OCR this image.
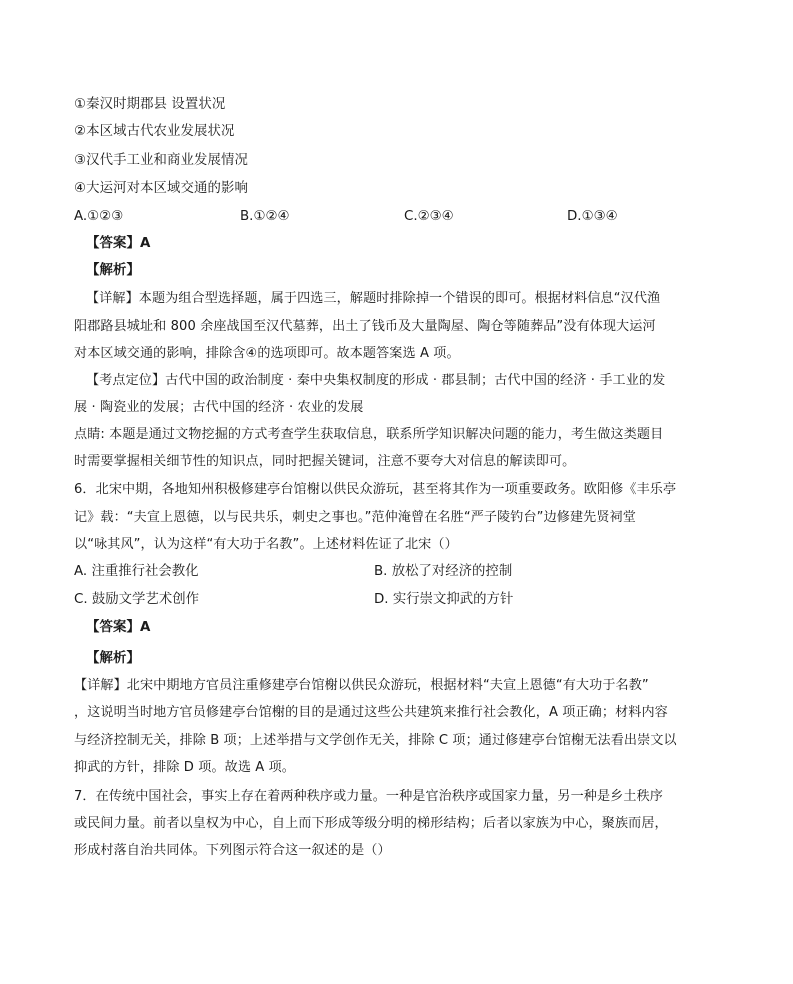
①秦汉时期郡县 设置状况
②本区域古代农业发展状况
③汉代手工业和商业发展情况
④大运河对本区域交通的影响
A.①②③	B.①②④	C.②③④	D.①③④
【答案】A
【解析】
【详解】本题为组合型选择题，属于四选三，解题时排除掉一个错误的即可。根据材料信息“汉代渔
阳郡路县城址和 800 余座战国至汉代墓葬，出土了钱币及大量陶屋、陶仓等随葬品”没有体现大运河
对本区域交通的影响，排除含④的选项即可。故本题答案选 A 项。
【考点定位】古代中国的政治制度 · 秦中央集权制度的形成 · 郡县制；古代中国的经济 · 手工业的发
展 · 陶瓷业的发展；古代中国的经济 · 农业的发展
点睛: 本题是通过文物挖掘的方式考查学生获取信息，联系所学知识解决问题的能力，考生做这类题目
时需要掌握相关细节性的知识点，同时把握关键词，注意不要夸大对信息的解读即可。
6．北宋中期，各地知州积极修建亭台馆榭以供民众游玩，甚至将其作为一项重要政务。欧阳修《丰乐亭
记》载：“夫宣上恩德，以与民共乐，刺史之事也。”范仲淹曾在名胜“严子陵钓台”边修建先贤祠堂
以“咏其风”，认为这样“有大功于名教”。上述材料佐证了北宋（）
A. 注重推行社会教化	B. 放松了对经济的控制
C. 鼓励文学艺术创作	D. 实行崇文抑武的方针
【答案】A
【解析】
【详解】北宋中期地方官员注重修建亭台馆榭以供民众游玩，根据材料“夫宣上恩德“有大功于名教”
，这说明当时地方官员修建亭台馆榭的目的是通过这些公共建筑来推行社会教化，A 项正确；材料内容
与经济控制无关，排除 B 项；上述举措与文学创作无关，排除 C 项；通过修建亭台馆榭无法看出崇文以
抑武的方针，排除 D 项。故选 A 项。
7．在传统中国社会，事实上存在着两种秩序或力量。一种是官治秩序或国家力量，另一种是乡土秩序
或民间力量。前者以皇权为中心，自上而下形成等级分明的梯形结构；后者以家族为中心，聚族而居，
形成村落自治共同体。下列图示符合这一叙述的是（）
